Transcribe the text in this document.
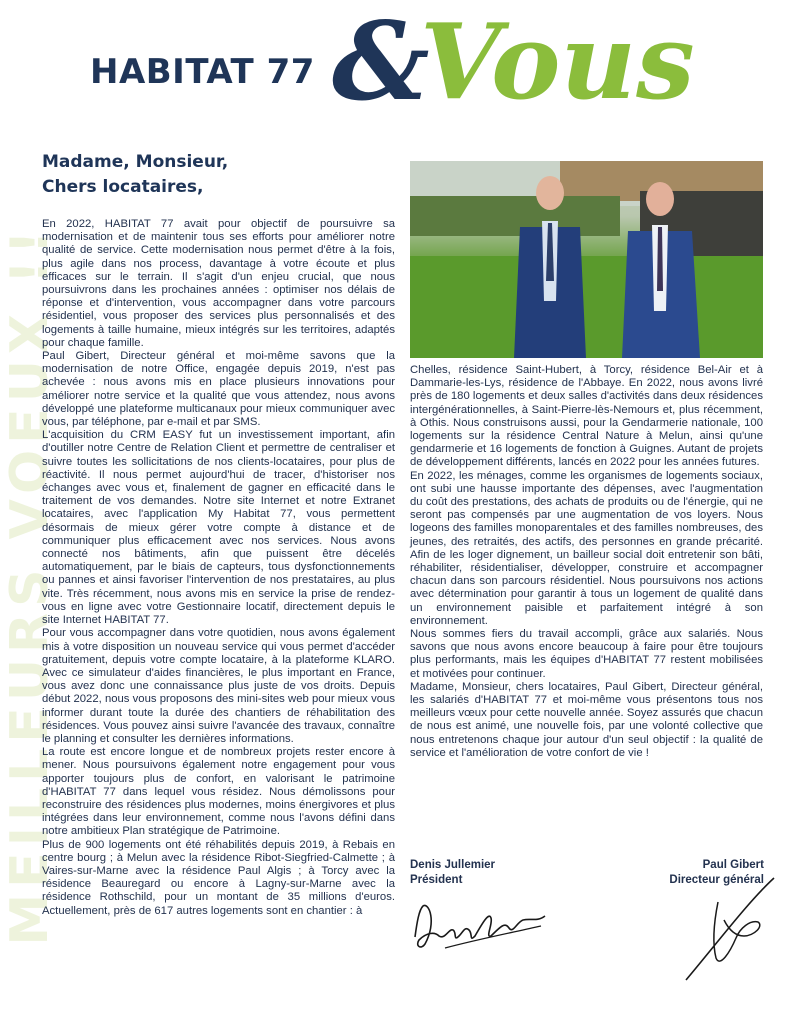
MEILLEURS VOEUX !!
HABITAT 77 &
Vous
Madame, Monsieur,
Chers locataires,

En 2022, HABITAT 77 avait pour objectif de poursuivre sa modernisation et de maintenir tous ses efforts pour améliorer notre qualité de service. Cette modernisation nous permet d'être à la fois, plus agile dans nos process, davantage à votre écoute et plus efficaces sur le terrain. Il s'agit d'un enjeu crucial, que nous poursuivrons dans les prochaines années : optimiser nos délais de réponse et d'intervention, vous accompagner dans votre parcours résidentiel, vous proposer des services plus personnalisés et des logements à taille humaine, mieux intégrés sur les territoires, adaptés pour chaque famille.

Paul Gibert, Directeur général et moi-même savons que la modernisation de notre Office, engagée depuis 2019, n'est pas achevée : nous avons mis en place plusieurs innovations pour améliorer notre service et la qualité que vous attendez, nous avons développé une plateforme multicanaux pour mieux communiquer avec vous, par téléphone, par e-mail et par SMS.

L'acquisition du CRM EASY fut un investissement important, afin d'outiller notre Centre de Relation Client et permettre de centraliser et suivre toutes les sollicitations de nos clients-locataires, pour plus de réactivité. Il nous permet aujourd'hui de tracer, d'historiser nos échanges avec vous et, finalement de gagner en efficacité dans le traitement de vos demandes. Notre site Internet et notre Extranet locataires, avec l'application My Habitat 77, vous permettent désormais de mieux gérer votre compte à distance et de communiquer plus efficacement avec nos services. Nous avons connecté nos bâtiments, afin que puissent être décelés automatiquement, par le biais de capteurs, tous dysfonctionnements ou pannes et ainsi favoriser l'intervention de nos prestataires, au plus vite. Très récemment, nous avons mis en service la prise de rendez-vous en ligne avec votre Gestionnaire locatif, directement depuis le site Internet HABITAT 77.

Pour vous accompagner dans votre quotidien, nous avons également mis à votre disposition un nouveau service qui vous permet d'accéder gratuitement, depuis votre compte locataire, à la plateforme KLARO. Avec ce simulateur d'aides financières, le plus important en France, vous avez donc une connaissance plus juste de vos droits. Depuis début 2022, nous vous proposons des mini-sites web pour mieux vous informer durant toute la durée des chantiers de réhabilitation des résidences. Vous pouvez ainsi suivre l'avancée des travaux, connaître le planning et consulter les dernières informations.

La route est encore longue et de nombreux projets rester encore à mener. Nous poursuivons également notre engagement pour vous apporter toujours plus de confort, en valorisant le patrimoine d'HABITAT 77 dans lequel vous résidez. Nous démolissons pour reconstruire des résidences plus modernes, moins énergivores et plus intégrées dans leur environnement, comme nous l'avons défini dans notre ambitieux Plan stratégique de Patrimoine.

Plus de 900 logements ont été réhabilités depuis 2019, à Rebais en centre bourg ; à Melun avec la résidence Ribot-Siegfried-Calmette ; à Vaires-sur-Marne avec la résidence Paul Algis ; à Torcy avec la résidence Beauregard ou encore à Lagny-sur-Marne avec la résidence Rothschild, pour un montant de 35 millions d'euros. Actuellement, près de 617 autres logements sont en chantier : à

Chelles, résidence Saint-Hubert, à Torcy, résidence Bel-Air et à Dammarie-les-Lys, résidence de l'Abbaye. En 2022, nous avons livré près de 180 logements et deux salles d'activités dans deux résidences intergénérationnelles, à Saint-Pierre-lès-Nemours et, plus récemment, à Othis. Nous construisons aussi, pour la Gendarmerie nationale, 100 logements sur la résidence Central Nature à Melun, ainsi qu'une gendarmerie et 16 logements de fonction à Guignes. Autant de projets de développement différents, lancés en 2022 pour les années futures.

En 2022, les ménages, comme les organismes de logements sociaux, ont subi une hausse importante des dépenses, avec l'augmentation du coût des prestations, des achats de produits ou de l'énergie, qui ne seront pas compensés par une augmentation de vos loyers. Nous logeons des familles monoparentales et des familles nombreuses, des jeunes, des retraités, des actifs, des personnes en grande précarité. Afin de les loger dignement, un bailleur social doit entretenir son bâti, réhabiliter, résidentialiser, développer, construire et accompagner chacun dans son parcours résidentiel. Nous poursuivons nos actions avec détermination pour garantir à tous un logement de qualité dans un environnement paisible et parfaitement intégré à son environnement.

Nous sommes fiers du travail accompli, grâce aux salariés. Nous savons que nous avons encore beaucoup à faire pour être toujours plus performants, mais les équipes d'HABITAT 77 restent mobilisées et motivées pour continuer.

Madame, Monsieur, chers locataires, Paul Gibert, Directeur général, les salariés d'HABITAT 77 et moi-même vous présentons tous nos meilleurs vœux pour cette nouvelle année. Soyez assurés que chacun de nous est animé, une nouvelle fois, par une volonté collective que nous entretenons chaque jour autour d'un seul objectif : la qualité de service et l'amélioration de votre confort de vie !

Denis Jullemier
Président
Paul Gibert
Directeur général
